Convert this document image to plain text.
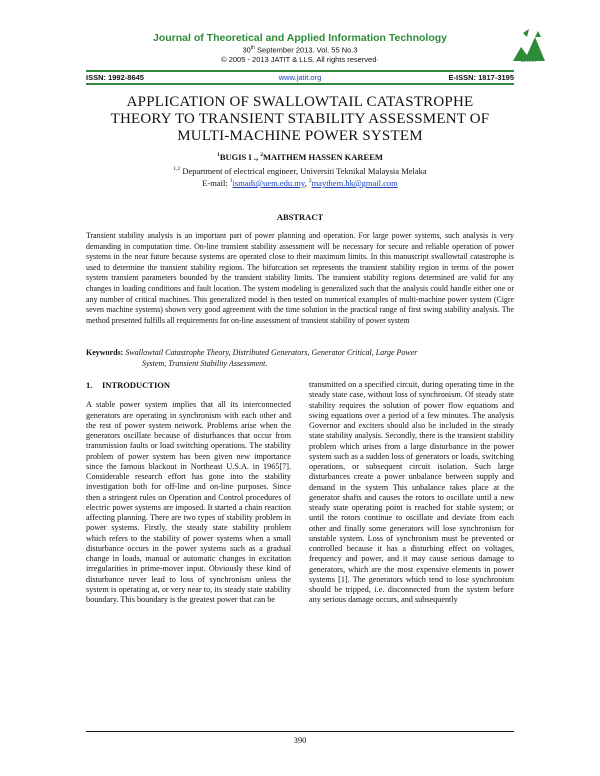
Journal of Theoretical and Applied Information Technology
30th September 2013. Vol. 55 No.3
© 2005 - 2013 JATIT & LLS. All rights reserved·	JATIT
ISSN: 1992-8645	www.jatit.org	E-ISSN: 1817-3195
APPLICATION OF SWALLOWTAIL CATASTROPHE
THEORY TO TRANSIENT STABILITY ASSESSMENT OF
MULTI-MACHINE POWER SYSTEM
$^1$BUGIS I ., $^2$MAITHEM HASSEN KAREEM
$^{1,2}$ Department of electrical engineer, Universiti Teknikal Malaysia Melaka
E-mail: $^1$ismadi@uem.edu.my, $^2$maythem.hk@gmail.com
ABSTRACT
Transient stability analysis is an important part of power planning and operation. For large power systems, such analysis is very demanding in computation time. On-line transient stability assessment will be necessary for secure and reliable operation of power systems in the near future because systems are operated close to their maximum limits. In this manuscript swallowtail catastrophe is used to determine the transient stability regions. The bifurcation set represents the transient stability region in terms of the power system transient parameters bounded by the transient stability limits. The transient stability regions determined are valid for any changes in loading conditions and fault location. The system modeling is generalized such that the analysis could handle either one or any number of critical machines. This generalized model is then tested on numerical examples of multi-machine power system (Cigre seven machine systems) shown very good agreement with the time solution in the practical range of first swing stability analysis. The method presented fulfills all requirements for on-line assessment of transient stability of power system
Keywords: Swallowtail Catastrophe Theory, Distributed Generators, Generator Critical, Large Power
System, Transient Stability Assessment.
1. INTRODUCTION
A stable power system implies that all its interconnected generators are operating in synchronism with each other and the rest of power system network. Problems arise when the generators oscillate because of disturbances that occur from transmission faults or load switching operations. The stability problem of power system has been given new importance since the famous blackout in Northeast U.S.A. in 1965[7]. Considerable research effort has gone into the stability investigation both for off-line and on-line purposes. Since then a stringent rules on Operation and Control procedures of electric power systems are imposed. It started a chain reaction affecting planning. There are two types of stability problem in power systems. Firstly, the steady state stability problem which refers to the stability of power systems when a small disturbance occurs in the power systems such as a gradual change in loads, manual or automatic changes in excitation irregularities in prime-mover input. Obviously these kind of disturbance never lead to loss of synchronism unless the system is operating at, or very near to, its steady state stability boundary. This boundary is the greatest power that can be
transmitted on a specified circuit, during operating time in the steady state case, without loss of synchronism. Of steady state stability requires the solution of power flow equations and swing equations over a period of a few minutes. The analysis Governor and exciters should also be included in the steady state stability analysis. Secondly, there is the transient stability problem which arises from a large disturbance in the power system such as a sudden loss of generators or loads, switching operations, or subsequent circuit isolation. Such large disturbances create a power unbalance between supply and demand in the system This unbalance takes place at the generator shafts and causes the rotors to oscillate until a new steady state operating point is reached for stable system; or until the rotors continue to oscillate and deviate from each other and finally some generators will lose synchronism for unstable system. Loss of synchronism must be prevented or controlled because it has a disturbing effect on voltages, frequency and power, and it may cause serious damage to generators, which are the most expensive elements in power systems [1]. The generators which tend to lose synchronism should be tripped, i.e. disconnected from the system before any serious damage occurs, and subsequently
390
